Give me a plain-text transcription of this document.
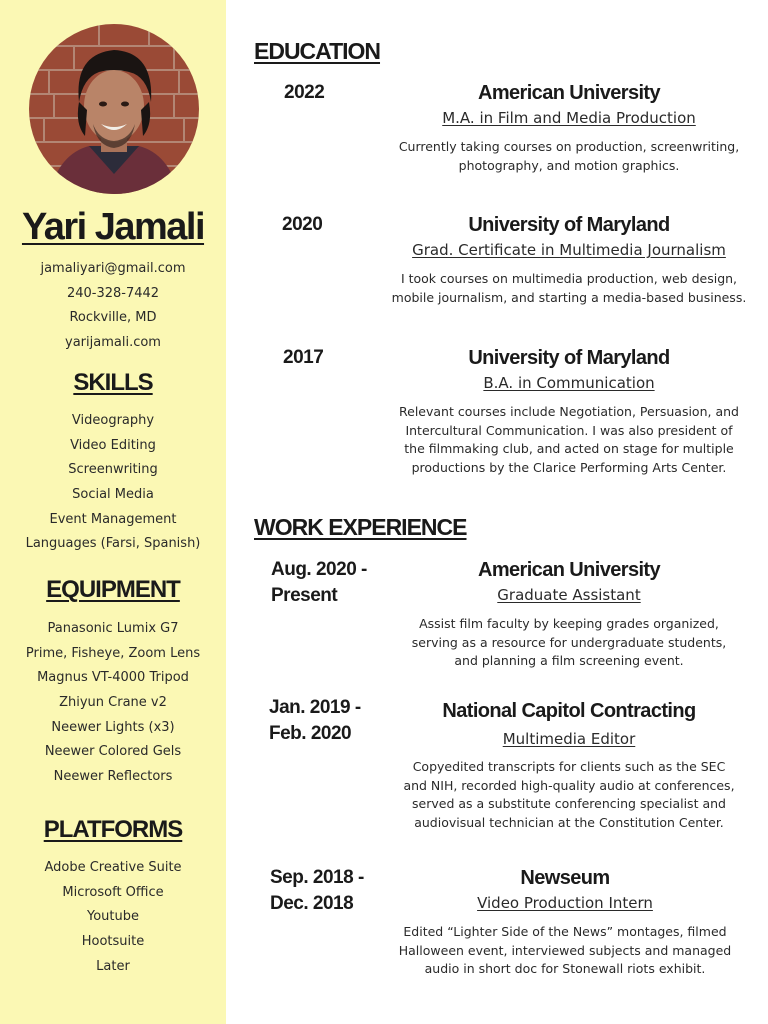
Yari Jamali
jamaliyari@gmail.com
240-328-7442
Rockville, MD
yarijamali.com
SKILLS
Videography
Video Editing
Screenwriting
Social Media
Event Management
Languages (Farsi, Spanish)
EQUIPMENT
Panasonic Lumix G7
Prime, Fisheye, Zoom Lens
Magnus VT-4000 Tripod
Zhiyun Crane v2
Neewer Lights (x3)
Neewer Colored Gels
Neewer Reflectors
PLATFORMS
Adobe Creative Suite
Microsoft Office
Youtube
Hootsuite
Later
EDUCATION
2022	American University
M.A. in Film and Media Production
Currently taking courses on production, screenwriting,
photography, and motion graphics.
2020	University of Maryland
Grad. Certificate in Multimedia Journalism
I took courses on multimedia production, web design,
mobile journalism, and starting a media-based business.
2017	University of Maryland
B.A. in Communication
Relevant courses include Negotiation, Persuasion, and
Intercultural Communication. I was also president of
the filmmaking club, and acted on stage for multiple
productions by the Clarice Performing Arts Center.
WORK EXPERIENCE
Aug. 2020 -
Present
American University
Graduate Assistant
Assist film faculty by keeping grades organized,
serving as a resource for undergraduate students,
and planning a film screening event.
Jan. 2019 -
Feb. 2020
National Capitol Contracting
Multimedia Editor
Copyedited transcripts for clients such as the SEC
and NIH, recorded high-quality audio at conferences,
served as a substitute conferencing specialist and
audiovisual technician at the Constitution Center.
Sep. 2018 -
Dec. 2018
Newseum
Video Production Intern
Edited “Lighter Side of the News” montages, filmed
Halloween event, interviewed subjects and managed
audio in short doc for Stonewall riots exhibit.
